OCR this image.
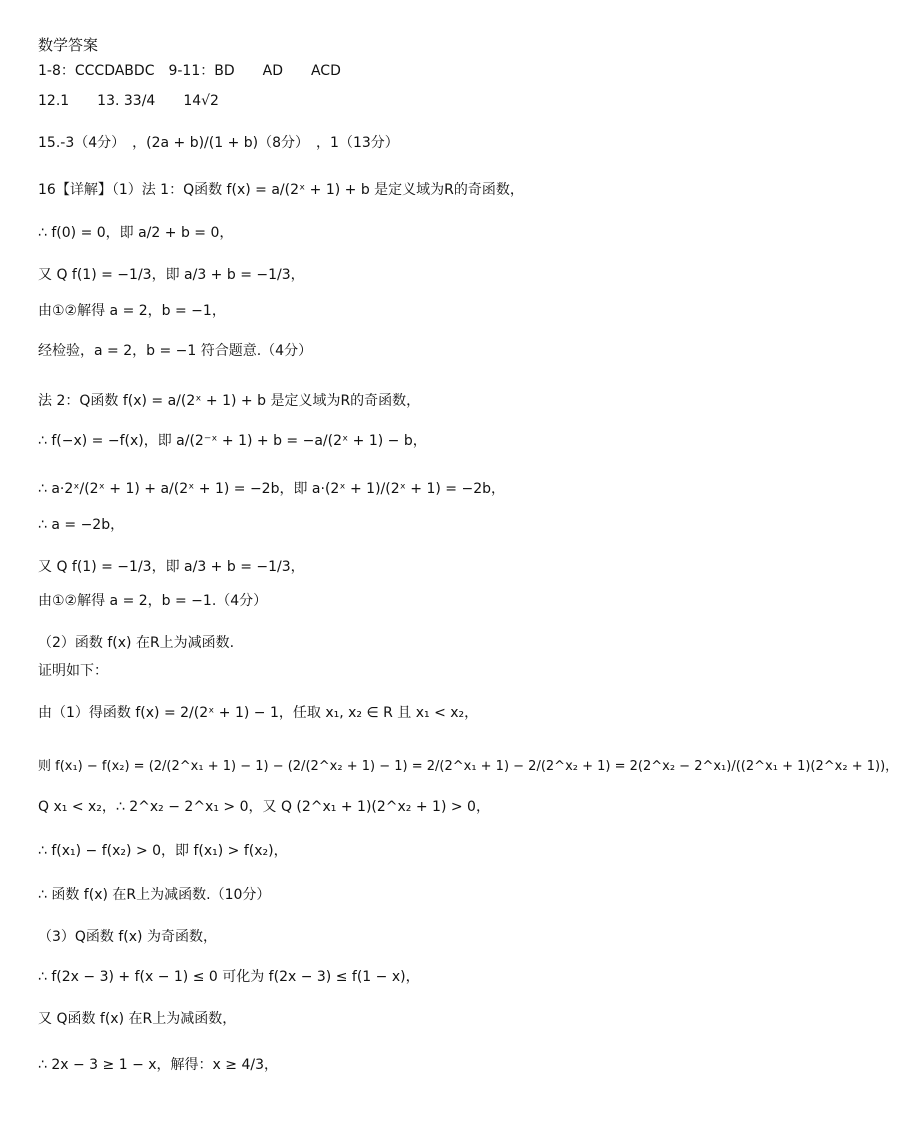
数学答案
1-8：CCCDABDC　9-11：BD　　AD　　ACD
12.1　　13. 33/4　　14√2
15.-3（4分）　，(2a + b)/(1 + b)（8分）　，1（13分）
16【详解】（1）法 1：Q函数 f(x) = a/(2ˣ + 1) + b 是定义域为R的奇函数，
∴ f(0) = 0，即 a/2 + b = 0，
又 Q f(1) = −1/3，即 a/3 + b = −1/3，
由①②解得 a = 2，b = −1，
经检验，a = 2，b = −1 符合题意.（4分）
法 2：Q函数 f(x) = a/(2ˣ + 1) + b 是定义域为R的奇函数，
∴ f(−x) = −f(x)，即 a/(2⁻ˣ + 1) + b = −a/(2ˣ + 1) − b，
∴ a·2ˣ/(2ˣ + 1) + a/(2ˣ + 1) = −2b，即 a·(2ˣ + 1)/(2ˣ + 1) = −2b，
∴ a = −2b，
又 Q f(1) = −1/3，即 a/3 + b = −1/3，
由①②解得 a = 2，b = −1.（4分）
（2）函数 f(x) 在R上为减函数.
证明如下：
由（1）得函数 f(x) = 2/(2ˣ + 1) − 1，任取 x₁, x₂ ∈ R 且 x₁ < x₂，
则 f(x₁) − f(x₂) = (2/(2^x₁ + 1) − 1) − (2/(2^x₂ + 1) − 1) = 2/(2^x₁ + 1) − 2/(2^x₂ + 1) = 2(2^x₂ − 2^x₁)/((2^x₁ + 1)(2^x₂ + 1))，
Q x₁ < x₂，∴ 2^x₂ − 2^x₁ > 0，又 Q (2^x₁ + 1)(2^x₂ + 1) > 0，
∴ f(x₁) − f(x₂) > 0，即 f(x₁) > f(x₂)，
∴ 函数 f(x) 在R上为减函数.（10分）
（3）Q函数 f(x) 为奇函数，
∴ f(2x − 3) + f(x − 1) ≤ 0 可化为 f(2x − 3) ≤ f(1 − x)，
又 Q函数 f(x) 在R上为减函数，
∴ 2x − 3 ≥ 1 − x，解得：x ≥ 4/3，
